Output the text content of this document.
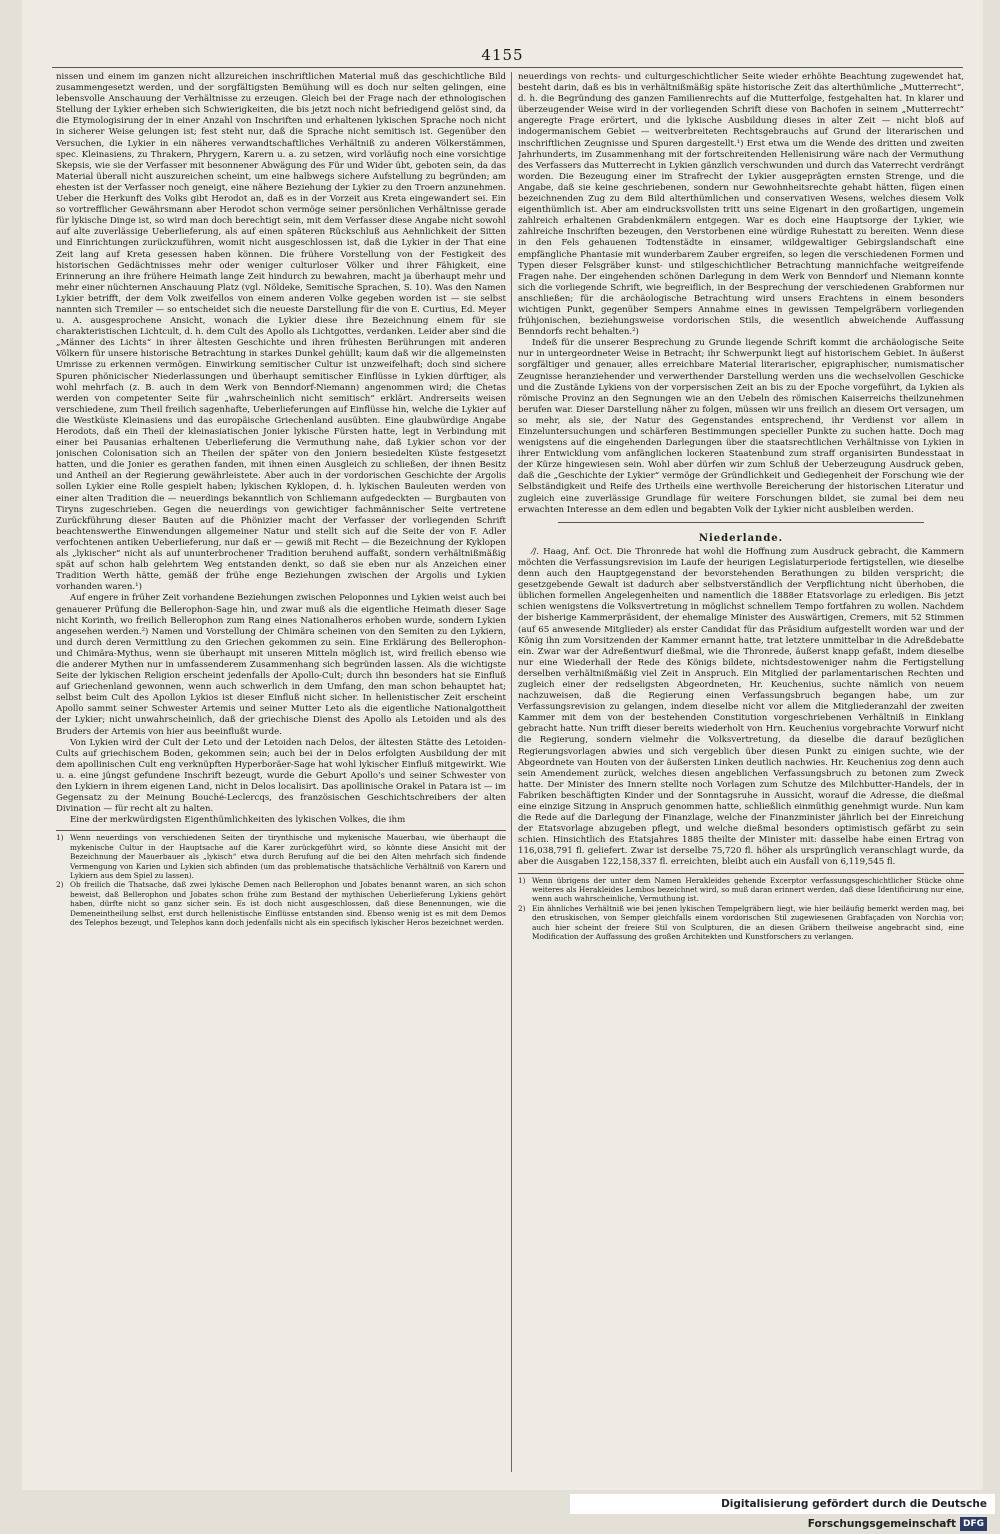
4155

nissen und einem im ganzen nicht allzureichen inschriftlichen Material muß das geschichtliche Bild zusammengesetzt werden, und der sorgfältigsten Bemühung will es doch nur selten gelingen, eine lebensvolle Anschauung der Verhältnisse zu erzeugen. Gleich bei der Frage nach der ethnologischen Stellung der Lykier erheben sich Schwierigkeiten, die bis jetzt noch nicht befriedigend gelöst sind, da die Etymologisirung der in einer Anzahl von Inschriften und erhaltenen lykischen Sprache noch nicht in sicherer Weise gelungen ist; fest steht nur, daß die Sprache nicht semitisch ist. Gegenüber den Versuchen, die Lykier in ein näheres verwandtschaftliches Verhältniß zu anderen Völkerstämmen, spec. Kleinasiens, zu Thrakern, Phrygern, Karern u. a. zu setzen, wird vorläufig noch eine vorsichtige Skepsis, wie sie der Verfasser mit besonnener Abwägung des Für und Wider übt, geboten sein, da das Material überall nicht auszureichen scheint, um eine halbwegs sichere Aufstellung zu begründen; am ehesten ist der Verfasser noch geneigt, eine nähere Beziehung der Lykier zu den Troern anzunehmen. Ueber die Herkunft des Volks gibt Herodot an, daß es in der Vorzeit aus Kreta eingewandert sei. Ein so vortrefflicher Gewährsmann aber Herodot schon vermöge seiner persönlichen Verhältnisse gerade für lykische Dinge ist, so wird man doch berechtigt sein, mit dem Verfasser diese Angabe nicht sowohl auf alte zuverlässige Ueberlieferung, als auf einen späteren Rückschluß aus Aehnlichkeit der Sitten und Einrichtungen zurückzuführen, womit nicht ausgeschlossen ist, daß die Lykier in der That eine Zeit lang auf Kreta gesessen haben können. Die frühere Vorstellung von der Festigkeit des historischen Gedächtnisses mehr oder weniger culturloser Völker und ihrer Fähigkeit, eine Erinnerung an ihre frühere Heimath lange Zeit hindurch zu bewahren, macht ja überhaupt mehr und mehr einer nüchternen Anschauung Platz (vgl. Nöldeke, Semitische Sprachen, S. 10). Was den Namen Lykier betrifft, der dem Volk zweifellos von einem anderen Volke gegeben worden ist — sie selbst nannten sich Tremiler — so entscheidet sich die neueste Darstellung für die von E. Curtius, Ed. Meyer u. A. ausgesprochene Ansicht, wonach die Lykier diese ihre Bezeichnung einem für sie charakteristischen Lichtcult, d. h. dem Cult des Apollo als Lichtgottes, verdanken. Leider aber sind die „Männer des Lichts“ in ihrer ältesten Geschichte und ihren frühesten Berührungen mit anderen Völkern für unsere historische Betrachtung in starkes Dunkel gehüllt; kaum daß wir die allgemeinsten Umrisse zu erkennen vermögen. Einwirkung semitischer Cultur ist unzweifelhaft; doch sind sichere Spuren phönicischer Niederlassungen und überhaupt semitischer Einflüsse in Lykien dürftiger, als wohl mehrfach (z. B. auch in dem Werk von Benndorf-Niemann) angenommen wird; die Chetas werden von competenter Seite für „wahrscheinlich nicht semitisch“ erklärt. Andrerseits weisen verschiedene, zum Theil freilich sagenhafte, Ueberlieferungen auf Einflüsse hin, welche die Lykier auf die Westküste Kleinasiens und das europäische Griechenland ausübten. Eine glaubwürdige Angabe Herodots, daß ein Theil der kleinasiatischen Jonier lykische Fürsten hatte, legt in Verbindung mit einer bei Pausanias erhaltenen Ueberlieferung die Vermuthung nahe, daß Lykier schon vor der jonischen Colonisation sich an Theilen der später von den Joniern besiedelten Küste festgesetzt hatten, und die Jonier es gerathen fanden, mit ihnen einen Ausgleich zu schließen, der ihnen Besitz und Antheil an der Regierung gewährleistete. Aber auch in der vordorischen Geschichte der Argolis sollen Lykier eine Rolle gespielt haben; lykischen Kyklopen, d. h. lykischen Bauleuten werden von einer alten Tradition die — neuerdings bekanntlich von Schliemann aufgedeckten — Burgbauten von Tiryns zugeschrieben. Gegen die neuerdings von gewichtiger fachmännischer Seite vertretene Zurückführung dieser Bauten auf die Phönizier macht der Verfasser der vorliegenden Schrift beachtenswerthe Einwendungen allgemeiner Natur und stellt sich auf die Seite der von F. Adler verfochtenen antiken Ueberlieferung, nur daß er — gewiß mit Recht — die Bezeichnung der Kyklopen als „lykischer“ nicht als auf ununterbrochener Tradition beruhend auffaßt, sondern verhältnißmäßig spät auf schon halb gelehrtem Weg entstanden denkt, so daß sie eben nur als Anzeichen einer Tradition Werth hätte, gemäß der frühe enge Beziehungen zwischen der Argolis und Lykien vorhanden waren.¹)

Auf engere in früher Zeit vorhandene Beziehungen zwischen Peloponnes und Lykien weist auch bei genauerer Prüfung die Bellerophon-Sage hin, und zwar muß als die eigentliche Heimath dieser Sage nicht Korinth, wo freilich Bellerophon zum Rang eines Nationalheros erhoben wurde, sondern Lykien angesehen werden.²) Namen und Vorstellung der Chimära scheinen von den Semiten zu den Lykiern, und durch deren Vermittlung zu den Griechen gekommen zu sein. Eine Erklärung des Bellerophon- und Chimära-Mythus, wenn sie überhaupt mit unseren Mitteln möglich ist, wird freilich ebenso wie die anderer Mythen nur in umfassenderem Zusammenhang sich begründen lassen. Als die wichtigste Seite der lykischen Religion erscheint jedenfalls der Apollo-Cult; durch ihn besonders hat sie Einfluß auf Griechenland gewonnen, wenn auch schwerlich in dem Umfang, den man schon behauptet hat; selbst beim Cult des Apollon Lykios ist dieser Einfluß nicht sicher. In hellenistischer Zeit erscheint Apollo sammt seiner Schwester Artemis und seiner Mutter Leto als die eigentliche Nationalgottheit der Lykier; nicht unwahrscheinlich, daß der griechische Dienst des Apollo als Letoiden und als des Bruders der Artemis von hier aus beeinflußt wurde.

Von Lykien wird der Cult der Leto und der Letoiden nach Delos, der ältesten Stätte des Letoiden-Cults auf griechischem Boden, gekommen sein; auch bei der in Delos erfolgten Ausbildung der mit dem apollinischen Cult eng verknüpften Hyperboräer-Sage hat wohl lykischer Einfluß mitgewirkt. Wie u. a. eine jüngst gefundene Inschrift bezeugt, wurde die Geburt Apollo's und seiner Schwester von den Lykiern in ihrem eigenen Land, nicht in Delos localisirt. Das apollinische Orakel in Patara ist — im Gegensatz zu der Meinung Bouché-Leclercqs, des französischen Geschichtschreibers der alten Divination — für recht alt zu halten.

Eine der merkwürdigsten Eigenthümlichkeiten des lykischen Volkes, die ihm

1) Wenn neuerdings von verschiedenen Seiten der tirynthische und mykenische Mauerbau, wie überhaupt die mykenische Cultur in der Hauptsache auf die Karer zurückgeführt wird, so könnte diese Ansicht mit der Bezeichnung der Mauerbauer als „lykisch“ etwa durch Berufung auf die bei den Alten mehrfach sich findende Vermengung von Karien und Lykien sich abfinden (um das problematische thatsächliche Verhältniß von Karern und Lykiern aus dem Spiel zu lassen).

2) Ob freilich die Thatsache, daß zwei lykische Demen nach Bellerophon und Jobates benannt waren, an sich schon beweist, daß Bellerophon und Jobates schon frühe zum Bestand der mythischen Ueberlieferung Lykiens gehört haben, dürfte nicht so ganz sicher sein. Es ist doch nicht ausgeschlossen, daß diese Benennungen, wie die Demeneintheilung selbst, erst durch hellenistische Einflüsse entstanden sind. Ebenso wenig ist es mit dem Demos des Telephos bezeugt, und Telephos kann doch jedenfalls nicht als ein specifisch lykischer Heros bezeichnet werden.

neuerdings von rechts- und culturgeschichtlicher Seite wieder erhöhte Beachtung zugewendet hat, besteht darin, daß es bis in verhältnißmäßig späte historische Zeit das alterthümliche „Mutterrecht“, d. h. die Begründung des ganzen Familienrechts auf die Mutterfolge, festgehalten hat. In klarer und überzeugender Weise wird in der vorliegenden Schrift diese von Bachofen in seinem „Mutterrecht“ angeregte Frage erörtert, und die lykische Ausbildung dieses in alter Zeit — nicht bloß auf indogermanischem Gebiet — weitverbreiteten Rechtsgebrauchs auf Grund der literarischen und inschriftlichen Zeugnisse und Spuren dargestellt.¹) Erst etwa um die Wende des dritten und zweiten Jahrhunderts, im Zusammenhang mit der fortschreitenden Hellenisirung wäre nach der Vermuthung des Verfassers das Mutterrecht in Lykien gänzlich verschwunden und durch das Vaterrecht verdrängt worden. Die Bezeugung einer im Strafrecht der Lykier ausgeprägten ernsten Strenge, und die Angabe, daß sie keine geschriebenen, sondern nur Gewohnheitsrechte gehabt hätten, fügen einen bezeichnenden Zug zu dem Bild alterthümlichen und conservativen Wesens, welches diesem Volk eigenthümlich ist. Aber am eindrucksvollsten tritt uns seine Eigenart in den großartigen, ungemein zahlreich erhaltenen Grabdenkmälern entgegen. War es doch eine Hauptsorge der Lykier, wie zahlreiche Inschriften bezeugen, den Verstorbenen eine würdige Ruhestatt zu bereiten. Wenn diese in den Fels gehauenen Todtenstädte in einsamer, wildgewaltiger Gebirgslandschaft eine empfängliche Phantasie mit wunderbarem Zauber ergreifen, so legen die verschiedenen Formen und Typen dieser Felsgräber kunst- und stilgeschichtlicher Betrachtung mannichfache weitgreifende Fragen nahe. Der eingehenden schönen Darlegung in dem Werk von Benndorf und Niemann konnte sich die vorliegende Schrift, wie begreiflich, in der Besprechung der verschiedenen Grabformen nur anschließen; für die archäologische Betrachtung wird unsers Erachtens in einem besonders wichtigen Punkt, gegenüber Sempers Annahme eines in gewissen Tempelgräbern vorliegenden frühjonischen, beziehungsweise vordorischen Stils, die wesentlich abweichende Auffassung Benndorfs recht behalten.²)

Indeß für die unserer Besprechung zu Grunde liegende Schrift kommt die archäologische Seite nur in untergeordneter Weise in Betracht; ihr Schwerpunkt liegt auf historischem Gebiet. In äußerst sorgfältiger und genauer, alles erreichbare Material literarischer, epigraphischer, numismatischer Zeugnisse heranziehender und verwerthender Darstellung werden uns die wechselvollen Geschicke und die Zustände Lykiens von der vorpersischen Zeit an bis zu der Epoche vorgeführt, da Lykien als römische Provinz an den Segnungen wie an den Uebeln des römischen Kaiserreichs theilzunehmen berufen war. Dieser Darstellung näher zu folgen, müssen wir uns freilich an diesem Ort versagen, um so mehr, als sie, der Natur des Gegenstandes entsprechend, ihr Verdienst vor allem in Einzeluntersuchungen und schärferen Bestimmungen specieller Punkte zu suchen hatte. Doch mag wenigstens auf die eingehenden Darlegungen über die staatsrechtlichen Verhältnisse von Lykien in ihrer Entwicklung vom anfänglichen lockeren Staatenbund zum straff organisirten Bundesstaat in der Kürze hingewiesen sein. Wohl aber dürfen wir zum Schluß der Ueberzeugung Ausdruck geben, daß die „Geschichte der Lykier“ vermöge der Gründlichkeit und Gediegenheit der Forschung wie der Selbständigkeit und Reife des Urtheils eine werthvolle Bereicherung der historischen Literatur und zugleich eine zuverlässige Grundlage für weitere Forschungen bildet, sie zumal bei dem neu erwachten Interesse an dem edlen und begabten Volk der Lykier nicht ausbleiben werden.

Niederlande.

⁄/. Haag, Anf. Oct. Die Thronrede hat wohl die Hoffnung zum Ausdruck gebracht, die Kammern möchten die Verfassungsrevision im Laufe der heurigen Legislaturperiode fertigstellen, wie dieselbe denn auch den Hauptgegenstand der bevorstehenden Berathungen zu bilden verspricht; die gesetzgebende Gewalt ist dadurch aber selbstverständlich der Verpflichtung nicht überhoben, die üblichen formellen Angelegenheiten und namentlich die 1888er Etatsvorlage zu erledigen. Bis jetzt schien wenigstens die Volksvertretung in möglichst schnellem Tempo fortfahren zu wollen. Nachdem der bisherige Kammerpräsident, der ehemalige Minister des Auswärtigen, Cremers, mit 52 Stimmen (auf 65 anwesende Mitglieder) als erster Candidat für das Präsidium aufgestellt worden war und der König ihn zum Vorsitzenden der Kammer ernannt hatte, trat letztere unmittelbar in die Adreßdebatte ein. Zwar war der Adreßentwurf dießmal, wie die Thronrede, äußerst knapp gefaßt, indem dieselbe nur eine Wiederhall der Rede des Königs bildete, nichtsdestoweniger nahm die Fertigstellung derselben verhältnißmäßig viel Zeit in Anspruch. Ein Mitglied der parlamentarischen Rechten und zugleich einer der redseligsten Abgeordneten, Hr. Keuchenius, suchte nämlich von neuem nachzuweisen, daß die Regierung einen Verfassungsbruch begangen habe, um zur Verfassungsrevision zu gelangen, indem dieselbe nicht vor allem die Mitgliederanzahl der zweiten Kammer mit dem von der bestehenden Constitution vorgeschriebenen Verhältniß in Einklang gebracht hatte. Nun trifft dieser bereits wiederholt von Hrn. Keuchenius vorgebrachte Vorwurf nicht die Regierung, sondern vielmehr die Volksvertretung, da dieselbe die darauf bezüglichen Regierungsvorlagen abwies und sich vergeblich über diesen Punkt zu einigen suchte, wie der Abgeordnete van Houten von der äußersten Linken deutlich nachwies. Hr. Keuchenius zog denn auch sein Amendement zurück, welches diesen angeblichen Verfassungsbruch zu betonen zum Zweck hatte. Der Minister des Innern stellte noch Vorlagen zum Schutze des Milchbutter-Handels, der in Fabriken beschäftigten Kinder und der Sonntagsruhe in Aussicht, worauf die Adresse, die dießmal eine einzige Sitzung in Anspruch genommen hatte, schließlich einmüthig genehmigt wurde. Nun kam die Rede auf die Darlegung der Finanzlage, welche der Finanzminister jährlich bei der Einreichung der Etatsvorlage abzugeben pflegt, und welche dießmal besonders optimistisch gefärbt zu sein schien. Hinsichtlich des Etatsjahres 1885 theilte der Minister mit: dasselbe habe einen Ertrag von 116,038,791 fl. geliefert. Zwar ist derselbe 75,720 fl. höher als ursprünglich veranschlagt wurde, da aber die Ausgaben 122,158,337 fl. erreichten, bleibt auch ein Ausfall von 6,119,545 fl.

1) Wenn übrigens der unter dem Namen Herakleides gehende Excerptor verfassungsgeschichtlicher Stücke ohne weiteres als Herakleides Lembos bezeichnet wird, so muß daran erinnert werden, daß diese Identificirung nur eine, wenn auch wahrscheinliche, Vermuthung ist.

2) Ein ähnliches Verhältniß wie bei jenen lykischen Tempelgräbern liegt, wie hier beiläufig bemerkt werden mag, bei den etruskischen, von Semper gleichfalls einem vordorischen Stil zugewiesenen Grabfaçaden von Norchia vor; auch hier scheint der freiere Stil von Sculpturen, die an diesen Gräbern theilweise angebracht sind, eine Modification der Auffassung des großen Architekten und Kunstforschers zu verlangen.

Digitalisierung gefördert durch die Deutsche Forschungsgemeinschaft DFG
